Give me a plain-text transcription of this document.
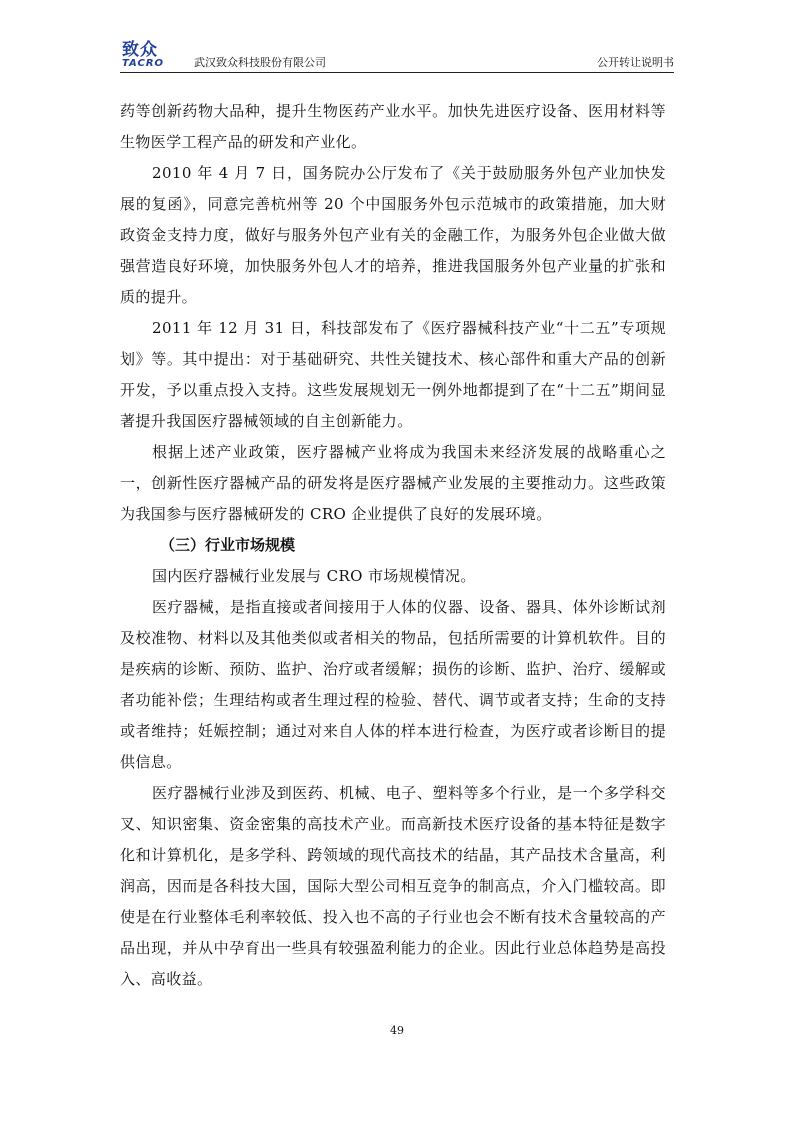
致众
TACRO	武汉致众科技股份有限公司	公开转让说明书

药等创新药物大品种，提升生物医药产业水平。加快先进医疗设备、医用材料等生物医学工程产品的研发和产业化。

2010 年 4 月 7 日，国务院办公厅发布了《关于鼓励服务外包产业加快发展的复函》，同意完善杭州等 20 个中国服务外包示范城市的政策措施，加大财政资金支持力度，做好与服务外包产业有关的金融工作，为服务外包企业做大做强营造良好环境，加快服务外包人才的培养，推进我国服务外包产业量的扩张和质的提升。

2011 年 12 月 31 日，科技部发布了《医疗器械科技产业“十二五”专项规划》等。其中提出：对于基础研究、共性关键技术、核心部件和重大产品的创新开发，予以重点投入支持。这些发展规划无一例外地都提到了在“十二五”期间显著提升我国医疗器械领域的自主创新能力。

根据上述产业政策，医疗器械产业将成为我国未来经济发展的战略重心之一，创新性医疗器械产品的研发将是医疗器械产业发展的主要推动力。这些政策为我国参与医疗器械研发的 CRO 企业提供了良好的发展环境。

（三）行业市场规模

国内医疗器械行业发展与 CRO 市场规模情况。

医疗器械，是指直接或者间接用于人体的仪器、设备、器具、体外诊断试剂及校准物、材料以及其他类似或者相关的物品，包括所需要的计算机软件。目的是疾病的诊断、预防、监护、治疗或者缓解；损伤的诊断、监护、治疗、缓解或者功能补偿；生理结构或者生理过程的检验、替代、调节或者支持；生命的支持或者维持；妊娠控制；通过对来自人体的样本进行检查，为医疗或者诊断目的提供信息。

医疗器械行业涉及到医药、机械、电子、塑料等多个行业，是一个多学科交叉、知识密集、资金密集的高技术产业。而高新技术医疗设备的基本特征是数字化和计算机化，是多学科、跨领域的现代高技术的结晶，其产品技术含量高，利润高，因而是各科技大国，国际大型公司相互竞争的制高点，介入门槛较高。即使是在行业整体毛利率较低、投入也不高的子行业也会不断有技术含量较高的产品出现，并从中孕育出一些具有较强盈利能力的企业。因此行业总体趋势是高投入、高收益。

49
